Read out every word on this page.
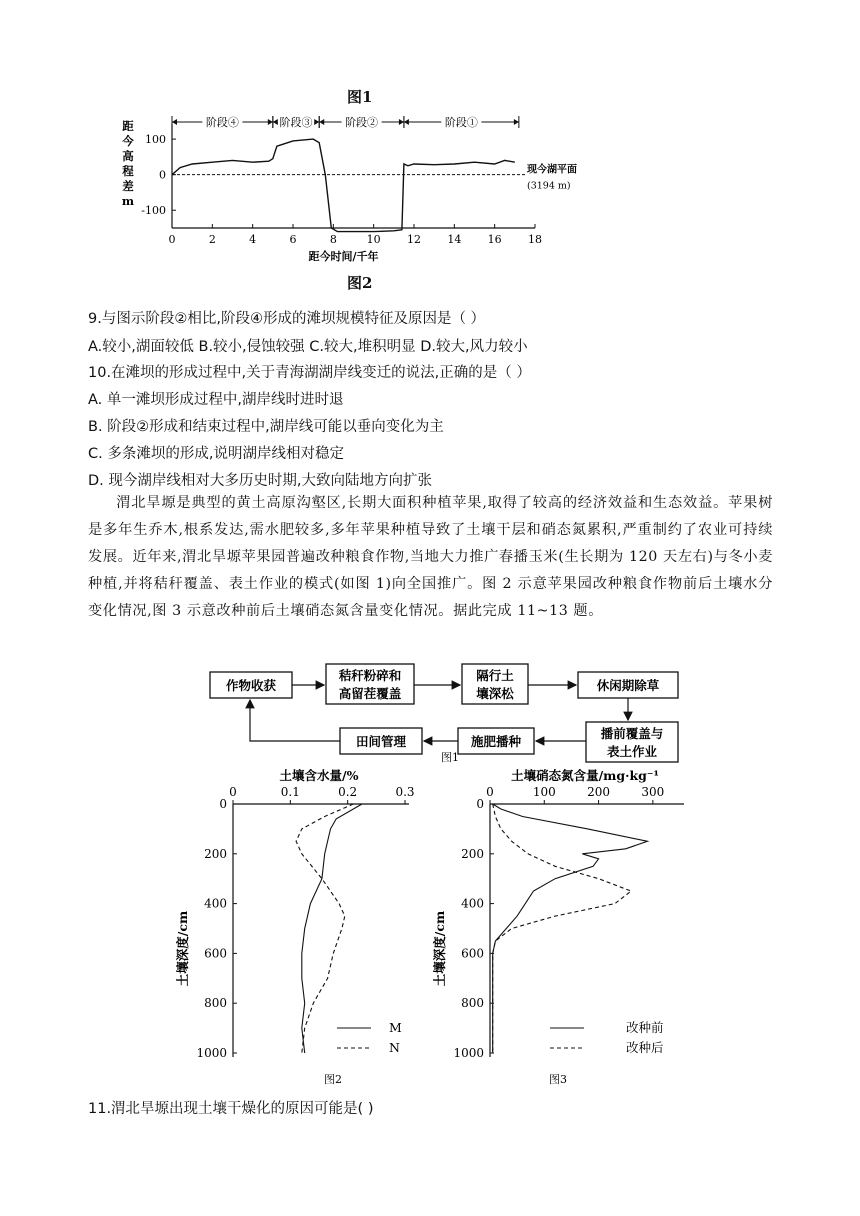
图1
阶段④	阶段③	阶段②	阶段①
0	2	4	6	8	10 12 14 16 18
100
0
-100
现今湖平面
(3194 m)
距今时间/千年
距
今
高
程
差
m
图2
9.与图示阶段②相比,阶段④形成的滩坝规模特征及原因是（ ）
A.较小,湖面较低 B.较小,侵蚀较强 C.较大,堆积明显 D.较大,风力较小
10.在滩坝的形成过程中,关于青海湖湖岸线变迁的说法,正确的是（ ）
A. 单一滩坝形成过程中,湖岸线时进时退
B. 阶段②形成和结束过程中,湖岸线可能以垂向变化为主
C. 多条滩坝的形成,说明湖岸线相对稳定
D. 现今湖岸线相对大多历史时期,大致向陆地方向扩张
渭北旱塬是典型的黄土高原沟壑区,长期大面积种植苹果,取得了较高的经济效益和生态效益。苹果树是多年生乔木,根系发达,需水肥较多,多年苹果种植导致了土壤干层和硝态氮累积,严重制约了农业可持续发展。近年来,渭北旱塬苹果园普遍改种粮食作物,当地大力推广春播玉米(生长期为 120 天左右)与冬小麦种植,并将秸秆覆盖、表土作业的模式(如图 1)向全国推广。图 2 示意苹果园改种粮食作物前后土壤水分变化情况,图 3 示意改种前后土壤硝态氮含量变化情况。据此完成 11~13 题。
作物收获
秸秆粉碎和
高留茬覆盖
隔行土
壤深松
休闲期除草
播前覆盖与
表土作业
施肥播种
田间管理
图1
土壤含水量/%
0	0.1	0.2	0.3
0
200
400
600
800
1000
土壤深度/cm
M
N
图2
土壤硝态氮含量/mg·kg⁻¹
0	100	200	300
0
200
400
600
800
1000
土壤深度/cm
改种前
改种后
图3
11.渭北旱塬出现土壤干燥化的原因可能是( )
